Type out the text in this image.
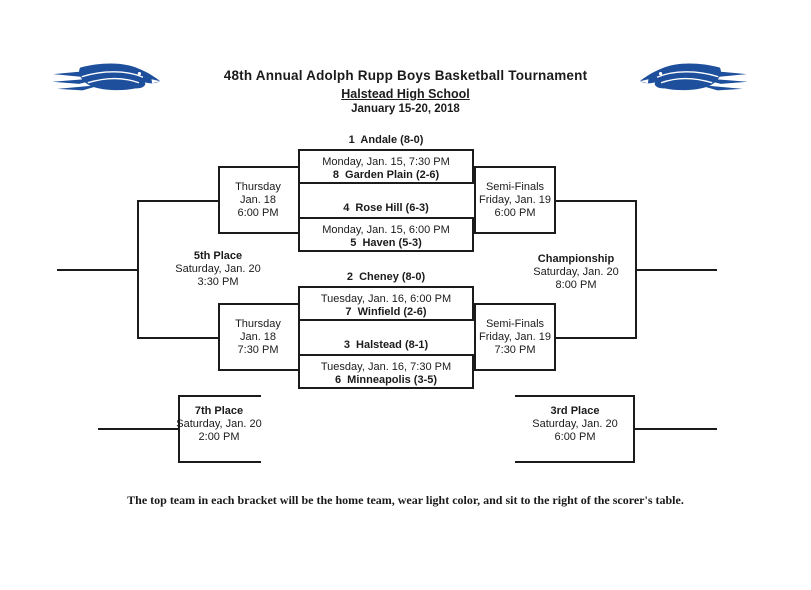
48th Annual Adolph Rupp Boys Basketball Tournament
Halstead High School
January 15-20, 2018
1  Andale (8-0)
Monday, Jan. 15, 7:30 PM
8  Garden Plain (2-6)
4  Rose Hill (6-3)
Monday, Jan. 15, 6:00 PM
5  Haven (5-3)
2  Cheney (8-0)
Tuesday, Jan. 16, 6:00 PM
7  Winfield (2-6)
3  Halstead (8-1)
Tuesday, Jan. 16, 7:30 PM
6  Minneapolis (3-5)
Thursday
Jan. 18
6:00 PM
Thursday
Jan. 18
7:30 PM
Semi-Finals
Friday, Jan. 19
6:00 PM
Semi-Finals
Friday, Jan. 19
7:30 PM
5th Place
Saturday, Jan. 20
3:30 PM
Championship
Saturday, Jan. 20
8:00 PM
7th Place
Saturday, Jan. 20
2:00 PM
3rd Place
Saturday, Jan. 20
6:00 PM
The top team in each bracket will be the home team, wear light color, and sit to the right of the scorer's table.
